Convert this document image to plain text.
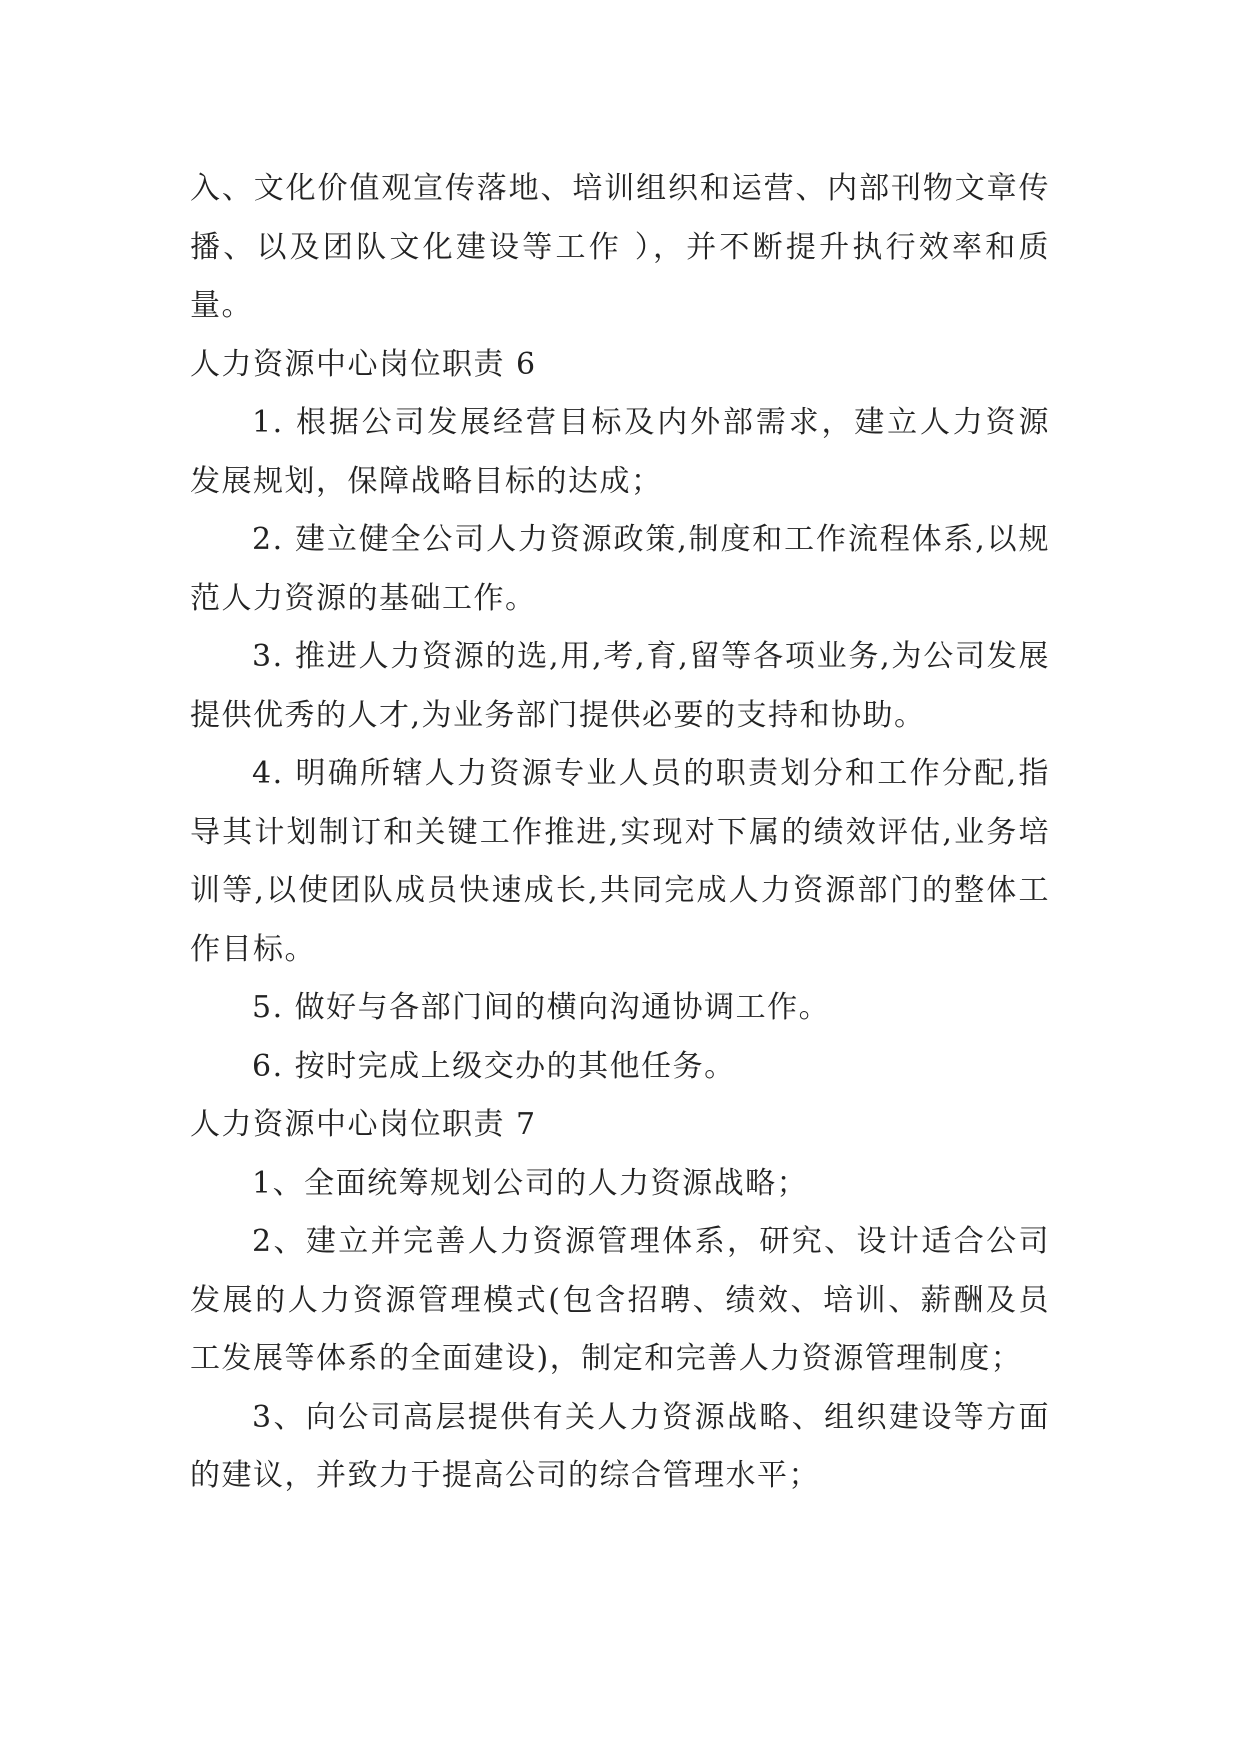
入、文化价值观宣传落地、培训组织和运营、内部刊物文章传播、以及团队文化建设等工作 ），并不断提升执行效率和质量。

人力资源中心岗位职责 6

1. 根据公司发展经营目标及内外部需求，建立人力资源发展规划，保障战略目标的达成；

2. 建立健全公司人力资源政策,制度和工作流程体系,以规范人力资源的基础工作。

3. 推进人力资源的选,用,考,育,留等各项业务,为公司发展提供优秀的人才,为业务部门提供必要的支持和协助。

4. 明确所辖人力资源专业人员的职责划分和工作分配,指导其计划制订和关键工作推进,实现对下属的绩效评估,业务培训等,以使团队成员快速成长,共同完成人力资源部门的整体工作目标。

5. 做好与各部门间的横向沟通协调工作。

6. 按时完成上级交办的其他任务。

人力资源中心岗位职责 7

1、全面统筹规划公司的人力资源战略；

2、建立并完善人力资源管理体系，研究、设计适合公司发展的人力资源管理模式(包含招聘、绩效、培训、薪酬及员工发展等体系的全面建设)，制定和完善人力资源管理制度；

3、向公司高层提供有关人力资源战略、组织建设等方面的建议，并致力于提高公司的综合管理水平；
